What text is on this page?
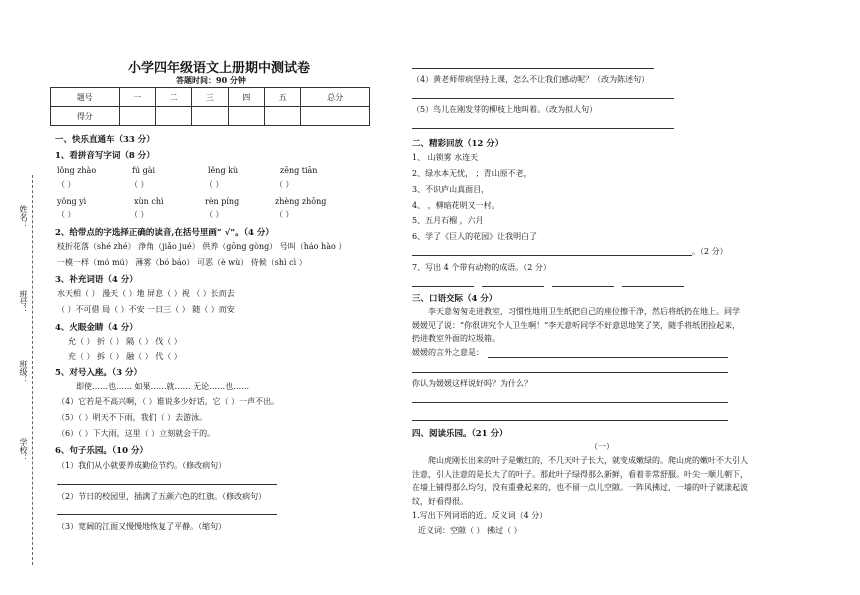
姓名：
班号：
班级：
学校：
小学四年级语文上册期中测试卷
答题时间：90 分钟
题号	一	二	三	四	五	总分
得分						
一、快乐直通车（33 分）
1、看拼音写字词（8 分）
lǒng zhào	fú gài	lěng kù	zēng tiān
（ ）	（ ）	（ ）	（ ）
yǒng yì	xùn chì	rèn píng	zhèng zhōng
（ ）	（ ）	（ ）	（ ）
2、给带点的字选择正确的读音,在括号里画“ √”。（4 分）
枝折花落（shé zhé） 浄角（jiǎo jué） 供养（gōng gòng） 号叫（háo hào ）
一模一样（mó mú） 薄雾（bó báo） 可恶（è wù） 侍候（shì cì ）
3、补充词语（4 分）
水天相（ ） 漫天（ ）地 屏息（ ）视 （ ）长而去
（ ）不可借 局（ ）不安 一日三（ ） 随（ ）而安
4、火眼金睛（4 分）
允（ ） 折（ ） 隔（ ） 伐（ ）
充（ ） 拆（ ） 融（ ） 代（ ）
5、对号入座。（3 分）
即使……也…… 如果……就…… 无论……也……
（4）它若是不高兴啊，（ ）谁说多少好话，它（ ）一声不出。
（5）（ ）明天不下雨，我们（ ）去游泳。
（6）（ ）下大雨，这里（ ）立刻就会干的。
6、句子乐园。（10 分）
（1）我们从小就要养成勤俭节约。（修改病句）
（2）节日的校园里，插满了五颜六色的红旗。（修改病句）
（3）宽阔的江面又慢慢地恢复了平静。（缩句）
（4）黄老师带病坚持上课，怎么不让我们感动呢？（改为陈述句）
（5）鸟儿在刚发芽的柳枝上地叫着。（改为拟人句）
二、精彩回放（12 分）
1、 山锁雾 水连天
2、绿水本无忧， ；青山原不老，
3、不识庐山真面目，
4、 ，柳暗花明又一村。
5、五月石榴 ，六月
6、学了《巨人的花园》让我明白了
。（2 分）
7、写出 4 个带有动物的成语。（2 分）
三、口语交际（4 分）
李天意匆匆走进教室，习惯性地用卫生纸把自己的座位擦干净，然后将纸扔在地上。同学媛媛见了说：“你很讲究个人卫生啊！”李天意听同学不好意思地笑了笑，随手将纸团捡起来，扔进教室外面的垃圾箱。
媛媛的言外之意是：
你认为媛媛这样说好吗？为什么？
四、阅读乐园。（21 分）
（一）
爬山虎刚长出来的叶子是嫩红的，不几天叶子长大，就变成嫩绿的。爬山虎的嫩叶不大引人注意，引人注意的是长大了的叶子。那此叶子绿得那么新鲜，看着非常舒服。叶尖一顺儿朝下，在墙上铺得那么均匀，没有重叠起来的，也不留一点儿空隙。一阵风拂过，一墙的叶子就漾起波纹，好看得很。
1.写出下列词语的近、反义词（4 分）
近义词：空隙（ ） 拂过（ ）
